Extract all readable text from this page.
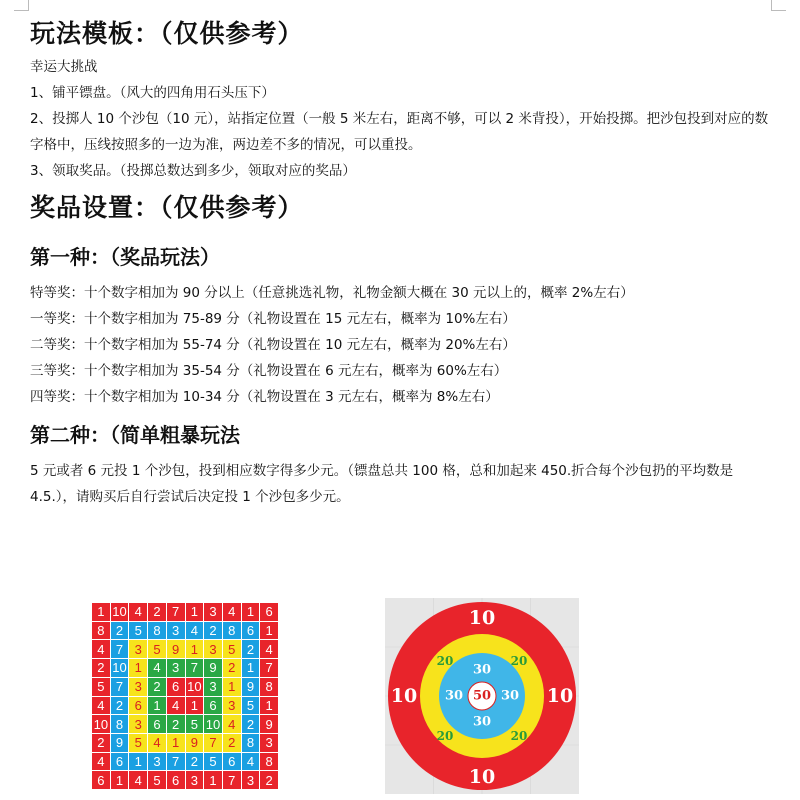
玩法模板：（仅供参考）

幸运大挑战

1、铺平镖盘。（风大的四角用石头压下）

2、投掷人 10 个沙包（10 元），站指定位置（一般 5 米左右，距离不够，可以 2 米背投），开始投掷。把沙包投到对应的数字格中，压线按照多的一边为准，两边差不多的情况，可以重投。

3、领取奖品。（投掷总数达到多少，领取对应的奖品）

奖品设置：（仅供参考）
第一种：（奖品玩法）

特等奖：十个数字相加为 90 分以上（任意挑选礼物，礼物金额大概在 30 元以上的，概率 2%左右）

一等奖：十个数字相加为 75-89 分（礼物设置在 15 元左右，概率为 10%左右）

二等奖：十个数字相加为 55-74 分（礼物设置在 10 元左右，概率为 20%左右）

三等奖：十个数字相加为 35-54 分（礼物设置在 6 元左右，概率为 60%左右）

四等奖：十个数字相加为 10-34 分（礼物设置在 3 元左右，概率为 8%左右）

第二种：（简单粗暴玩法

5 元或者 6 元投 1 个沙包，投到相应数字得多少元。（镖盘总共 100 格，总和加起来 450.折合每个沙包扔的平均数是 4.5.），请购买后自行尝试后决定投 1 个沙包多少元。

1 10 4 2 7 1 3 4 1 6
8 2 5 8 3 4 2 8 6 1
4 7 3 5 9 1 3 5 2 4
2 10 1 4 3 7 9 2 1 7
5 7 3 2 6 10 3 1 9 8
4 2 6 1 4 1 6 3 5 1
10 8 3 6 2 5 10 4 2 9
2 9 5 4 1 9 7 2 8 3
4 6 1 3 7 2 5 6 4 8
6 1 4 5 6 3 1 7 3 2
10
10
10	10
20	20
20	20
30
30
30	30
50
